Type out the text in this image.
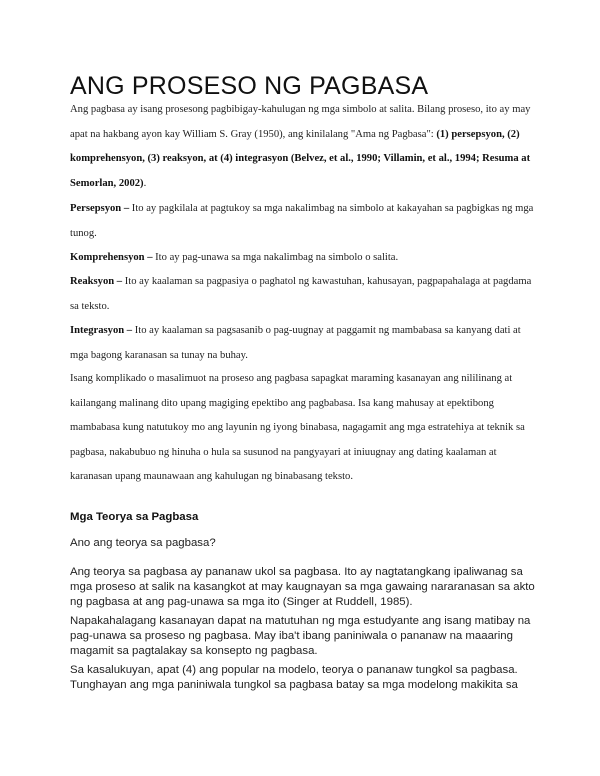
ANG PROSESO NG PAGBASA

Ang pagbasa ay isang prosesong pagbibigay-kahulugan ng mga simbolo at salita. Bilang proseso, ito ay may apat na hakbang ayon kay William S. Gray (1950), ang kinilalang "Ama ng Pagbasa": (1) persepsyon, (2) komprehensyon, (3) reaksyon, at (4) integrasyon (Belvez, et al., 1990; Villamin, et al., 1994; Resuma at Semorlan, 2002).

Persepsyon – Ito ay pagkilala at pagtukoy sa mga nakalimbag na simbolo at kakayahan sa pagbigkas ng mga tunog.

Komprehensyon – Ito ay pag-unawa sa mga nakalimbag na simbolo o salita.

Reaksyon – Ito ay kaalaman sa pagpasiya o paghatol ng kawastuhan, kahusayan, pagpapahalaga at pagdama sa teksto.

Integrasyon – Ito ay kaalaman sa pagsasanib o pag-uugnay at paggamit ng mambabasa sa kanyang dati at mga bagong karanasan sa tunay na buhay.

Isang komplikado o masalimuot na proseso ang pagbasa sapagkat maraming kasanayan ang nililinang at kailangang malinang dito upang magiging epektibo ang pagbabasa. Isa kang mahusay at epektibong mambabasa kung natutukoy mo ang layunin ng iyong binabasa, nagagamit ang mga estratehiya at teknik sa pagbasa, nakabubuo ng hinuha o hula sa susunod na pangyayari at iniuugnay ang dating kaalaman at karanasan upang maunawaan ang kahulugan ng binabasang teksto.

Mga Teorya sa Pagbasa

Ano ang teorya sa pagbasa?

Ang teorya sa pagbasa ay pananaw ukol sa pagbasa. Ito ay nagtatangkang ipaliwanag sa mga proseso at salik na kasangkot at may kaugnayan sa mga gawaing nararanasan sa akto ng pagbasa at ang pag-unawa sa mga ito (Singer at Ruddell, 1985).

Napakahalagang kasanayan dapat na matutuhan ng mga estudyante ang isang matibay na pag-unawa sa proseso ng pagbasa. May iba't ibang paniniwala o pananaw na maaaring magamit sa pagtalakay sa konsepto ng pagbasa.

Sa kasalukuyan, apat (4) ang popular na modelo, teorya o pananaw tungkol sa pagbasa. Tunghayan ang mga paniniwala tungkol sa pagbasa batay sa mga modelong makikita sa
